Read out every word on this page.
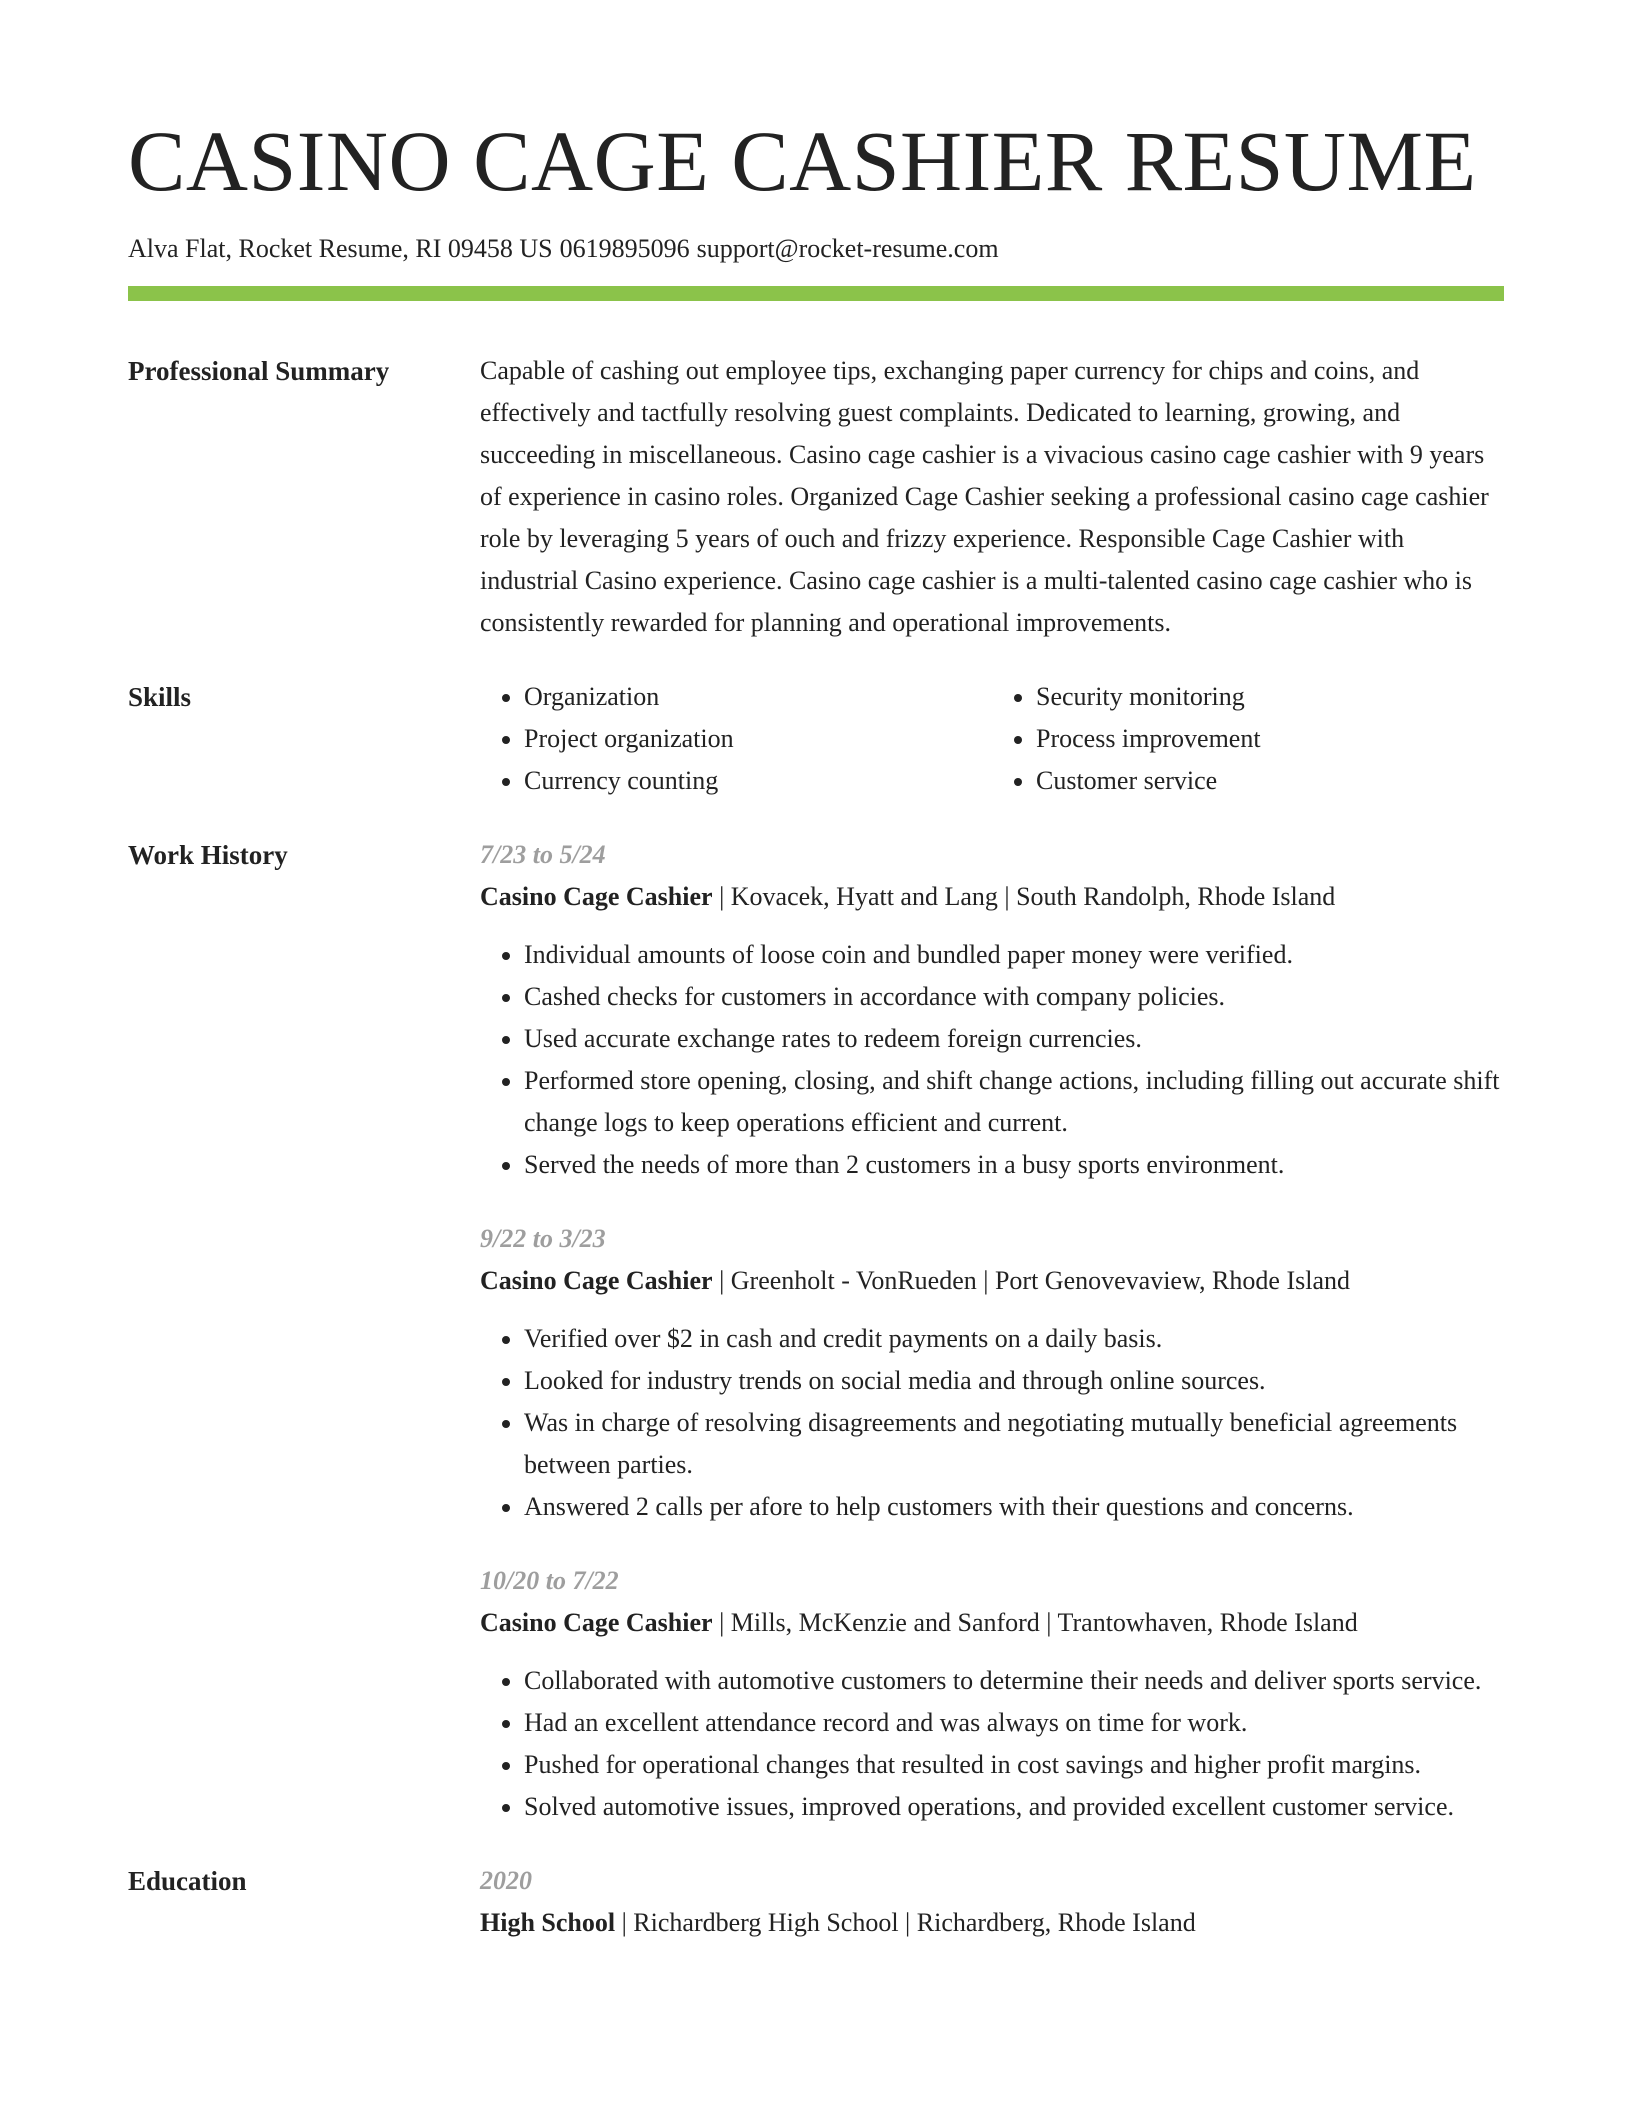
CASINO CAGE CASHIER RESUME
Alva Flat, Rocket Resume, RI 09458 US 0619895096 support@rocket-resume.com
Professional Summary	Capable of cashing out employee tips, exchanging paper currency for chips and coins, and effectively and tactfully resolving guest complaints. Dedicated to learning, growing, and succeeding in miscellaneous. Casino cage cashier is a vivacious casino cage cashier with 9 years of experience in casino roles. Organized Cage Cashier seeking a professional casino cage cashier role by leveraging 5 years of ouch and frizzy experience. Responsible Cage Cashier with industrial Casino experience. Casino cage cashier is a multi-talented casino cage cashier who is consistently rewarded for planning and operational improvements.

Skills
•	Organization
• Project organization
• Currency counting
• Security monitoring
• Process improvement
• Customer service
Work History	7/23 to 5/24
Casino Cage Cashier | Kovacek, Hyatt and Lang | South Randolph, Rhode Island
• Individual amounts of loose coin and bundled paper money were verified.
• Cashed checks for customers in accordance with company policies.
• Used accurate exchange rates to redeem foreign currencies.
• Performed store opening, closing, and shift change actions, including filling out accurate shift change logs to keep operations efficient and current.
• Served the needs of more than 2 customers in a busy sports environment.
9/22 to 3/23
Casino Cage Cashier | Greenholt - VonRueden | Port Genovevaview, Rhode Island
• Verified over $2 in cash and credit payments on a daily basis.
• Looked for industry trends on social media and through online sources.
• Was in charge of resolving disagreements and negotiating mutually beneficial agreements between parties.
• Answered 2 calls per afore to help customers with their questions and concerns.
10/20 to 7/22
Casino Cage Cashier | Mills, McKenzie and Sanford | Trantowhaven, Rhode Island
• Collaborated with automotive customers to determine their needs and deliver sports service.
• Had an excellent attendance record and was always on time for work.
• Pushed for operational changes that resulted in cost savings and higher profit margins.
• Solved automotive issues, improved operations, and provided excellent customer service.
Education	2020
High School | Richardberg High School | Richardberg, Rhode Island
